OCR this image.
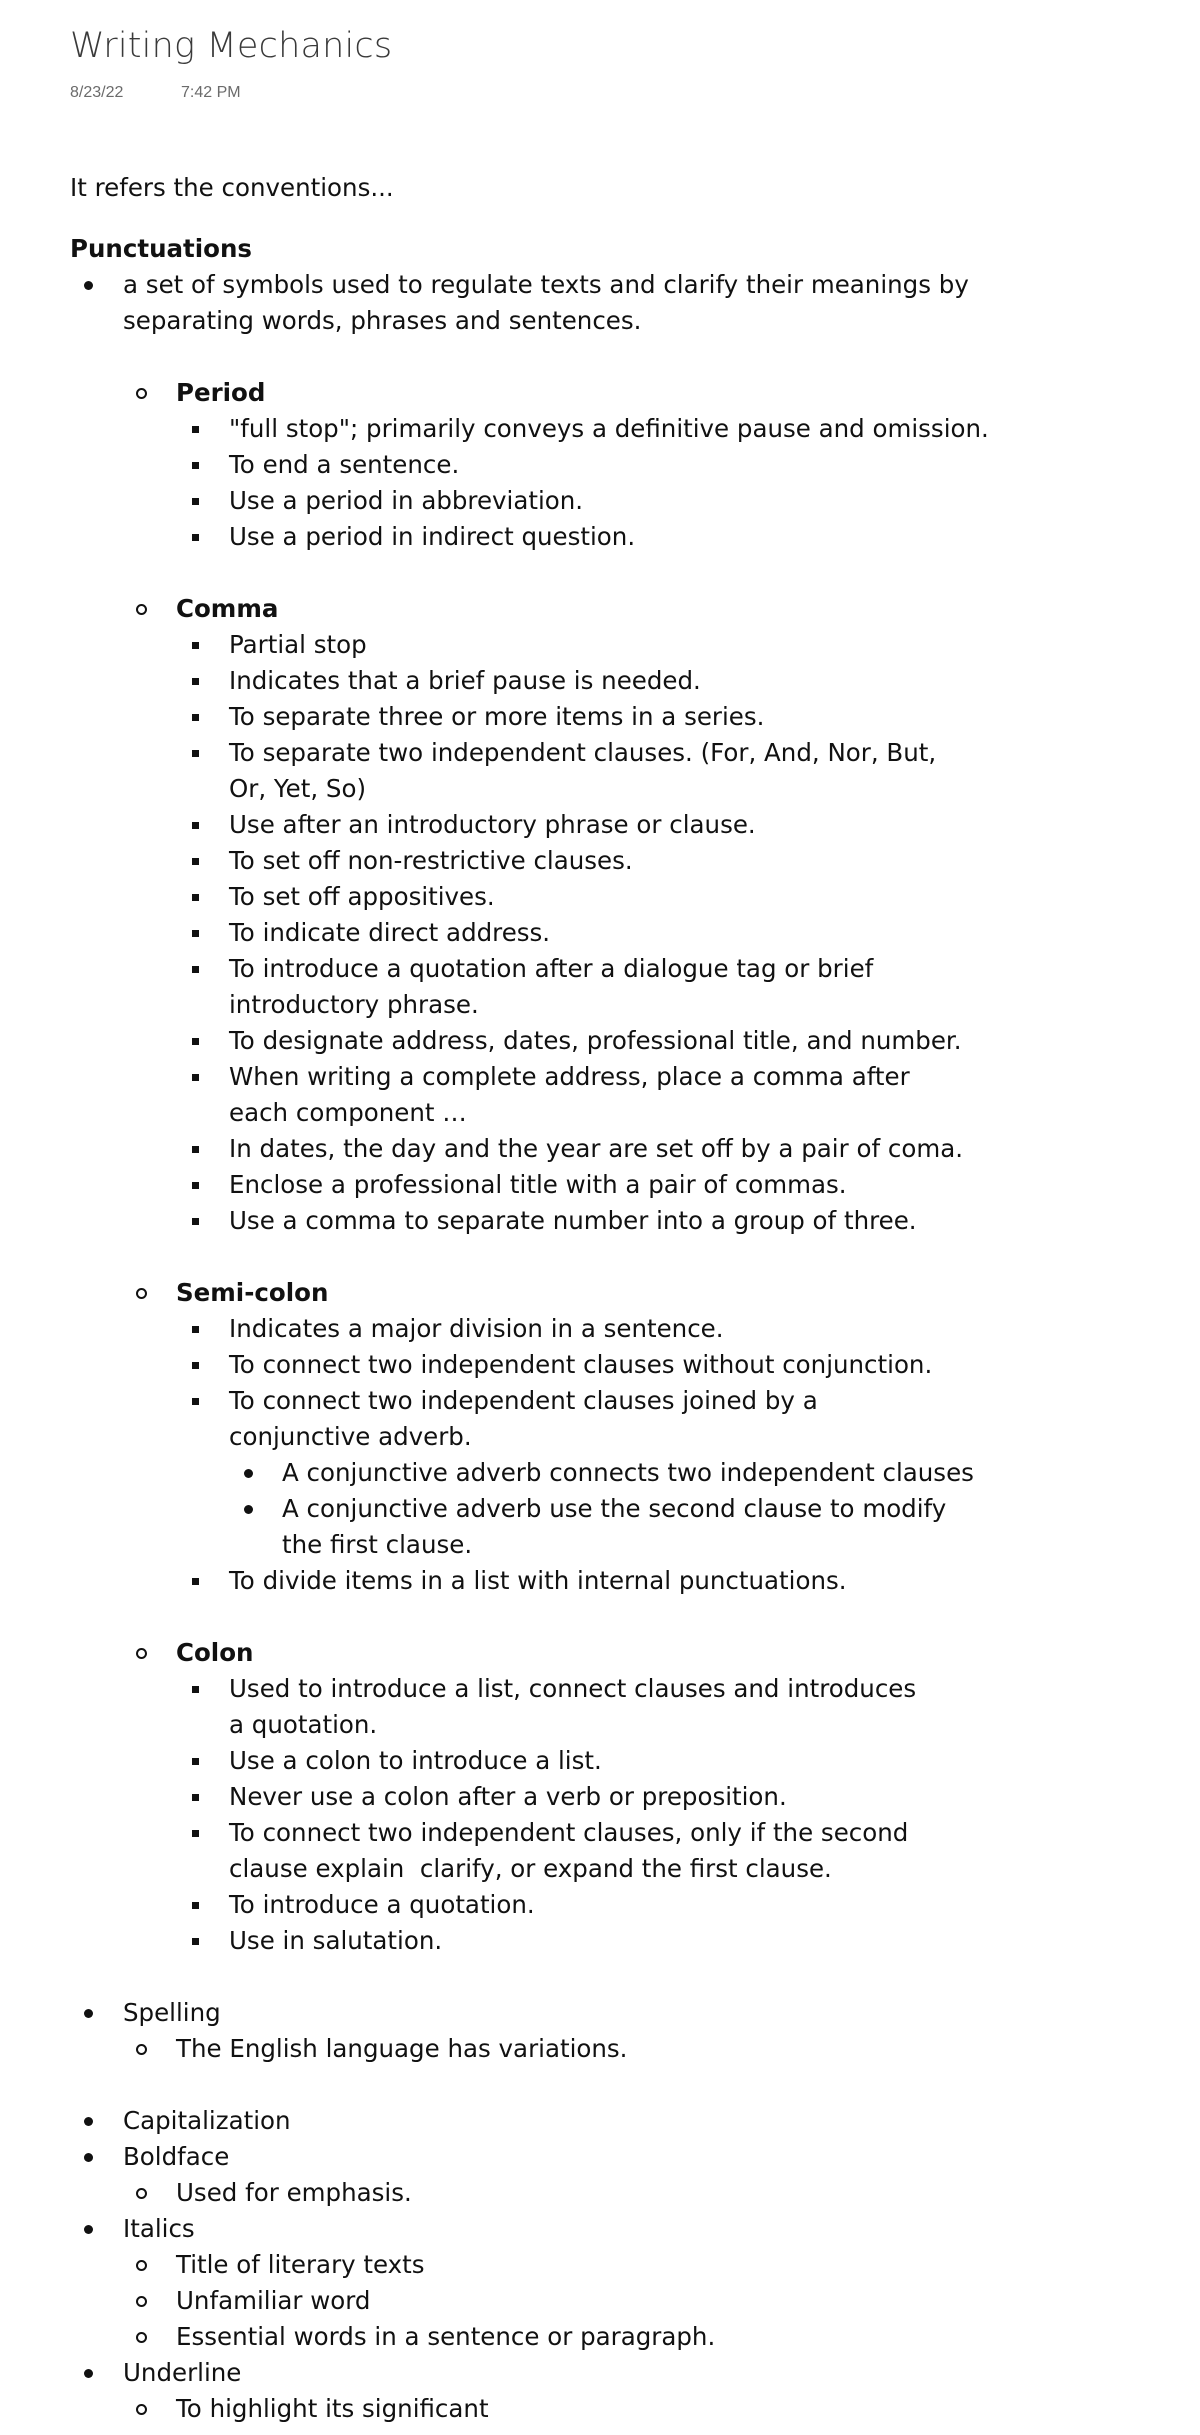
Writing Mechanics
8/23/22	7:42 PM
It refers the conventions...
Punctuations
a set of symbols used to regulate texts and clarify their meanings by separating words, phrases and sentences.
Period
"full stop"; primarily conveys a definitive pause and omission.
To end a sentence.
Use a period in abbreviation.
Use a period in indirect question.
Comma
Partial stop
Indicates that a brief pause is needed.
To separate three or more items in a series.
To separate two independent clauses. (For, And, Nor, But, Or, Yet, So)
Use after an introductory phrase or clause.
To set off non-restrictive clauses.
To set off appositives.
To indicate direct address.
To introduce a quotation after a dialogue tag or brief introductory phrase.
To designate address, dates, professional title, and number.
When writing a complete address, place a comma after each component …
In dates, the day and the year are set off by a pair of coma.
Enclose a professional title with a pair of commas.
Use a comma to separate number into a group of three.
Semi-colon
Indicates a major division in a sentence.
To connect two independent clauses without conjunction.
To connect two independent clauses joined by a conjunctive adverb.
A conjunctive adverb connects two independent clauses
A conjunctive adverb use the second clause to modify the first clause.
To divide items in a list with internal punctuations.
Colon
Used to introduce a list, connect clauses and introduces a quotation.
Use a colon to introduce a list.
Never use a colon after a verb or preposition.
To connect two independent clauses, only if the second clause explain  clarify, or expand the first clause.
To introduce a quotation.
Use in salutation.
Spelling
The English language has variations.
Capitalization
Boldface
Used for emphasis.
Italics
Title of literary texts
Unfamiliar word
Essential words in a sentence or paragraph.
Underline
To highlight its significant
